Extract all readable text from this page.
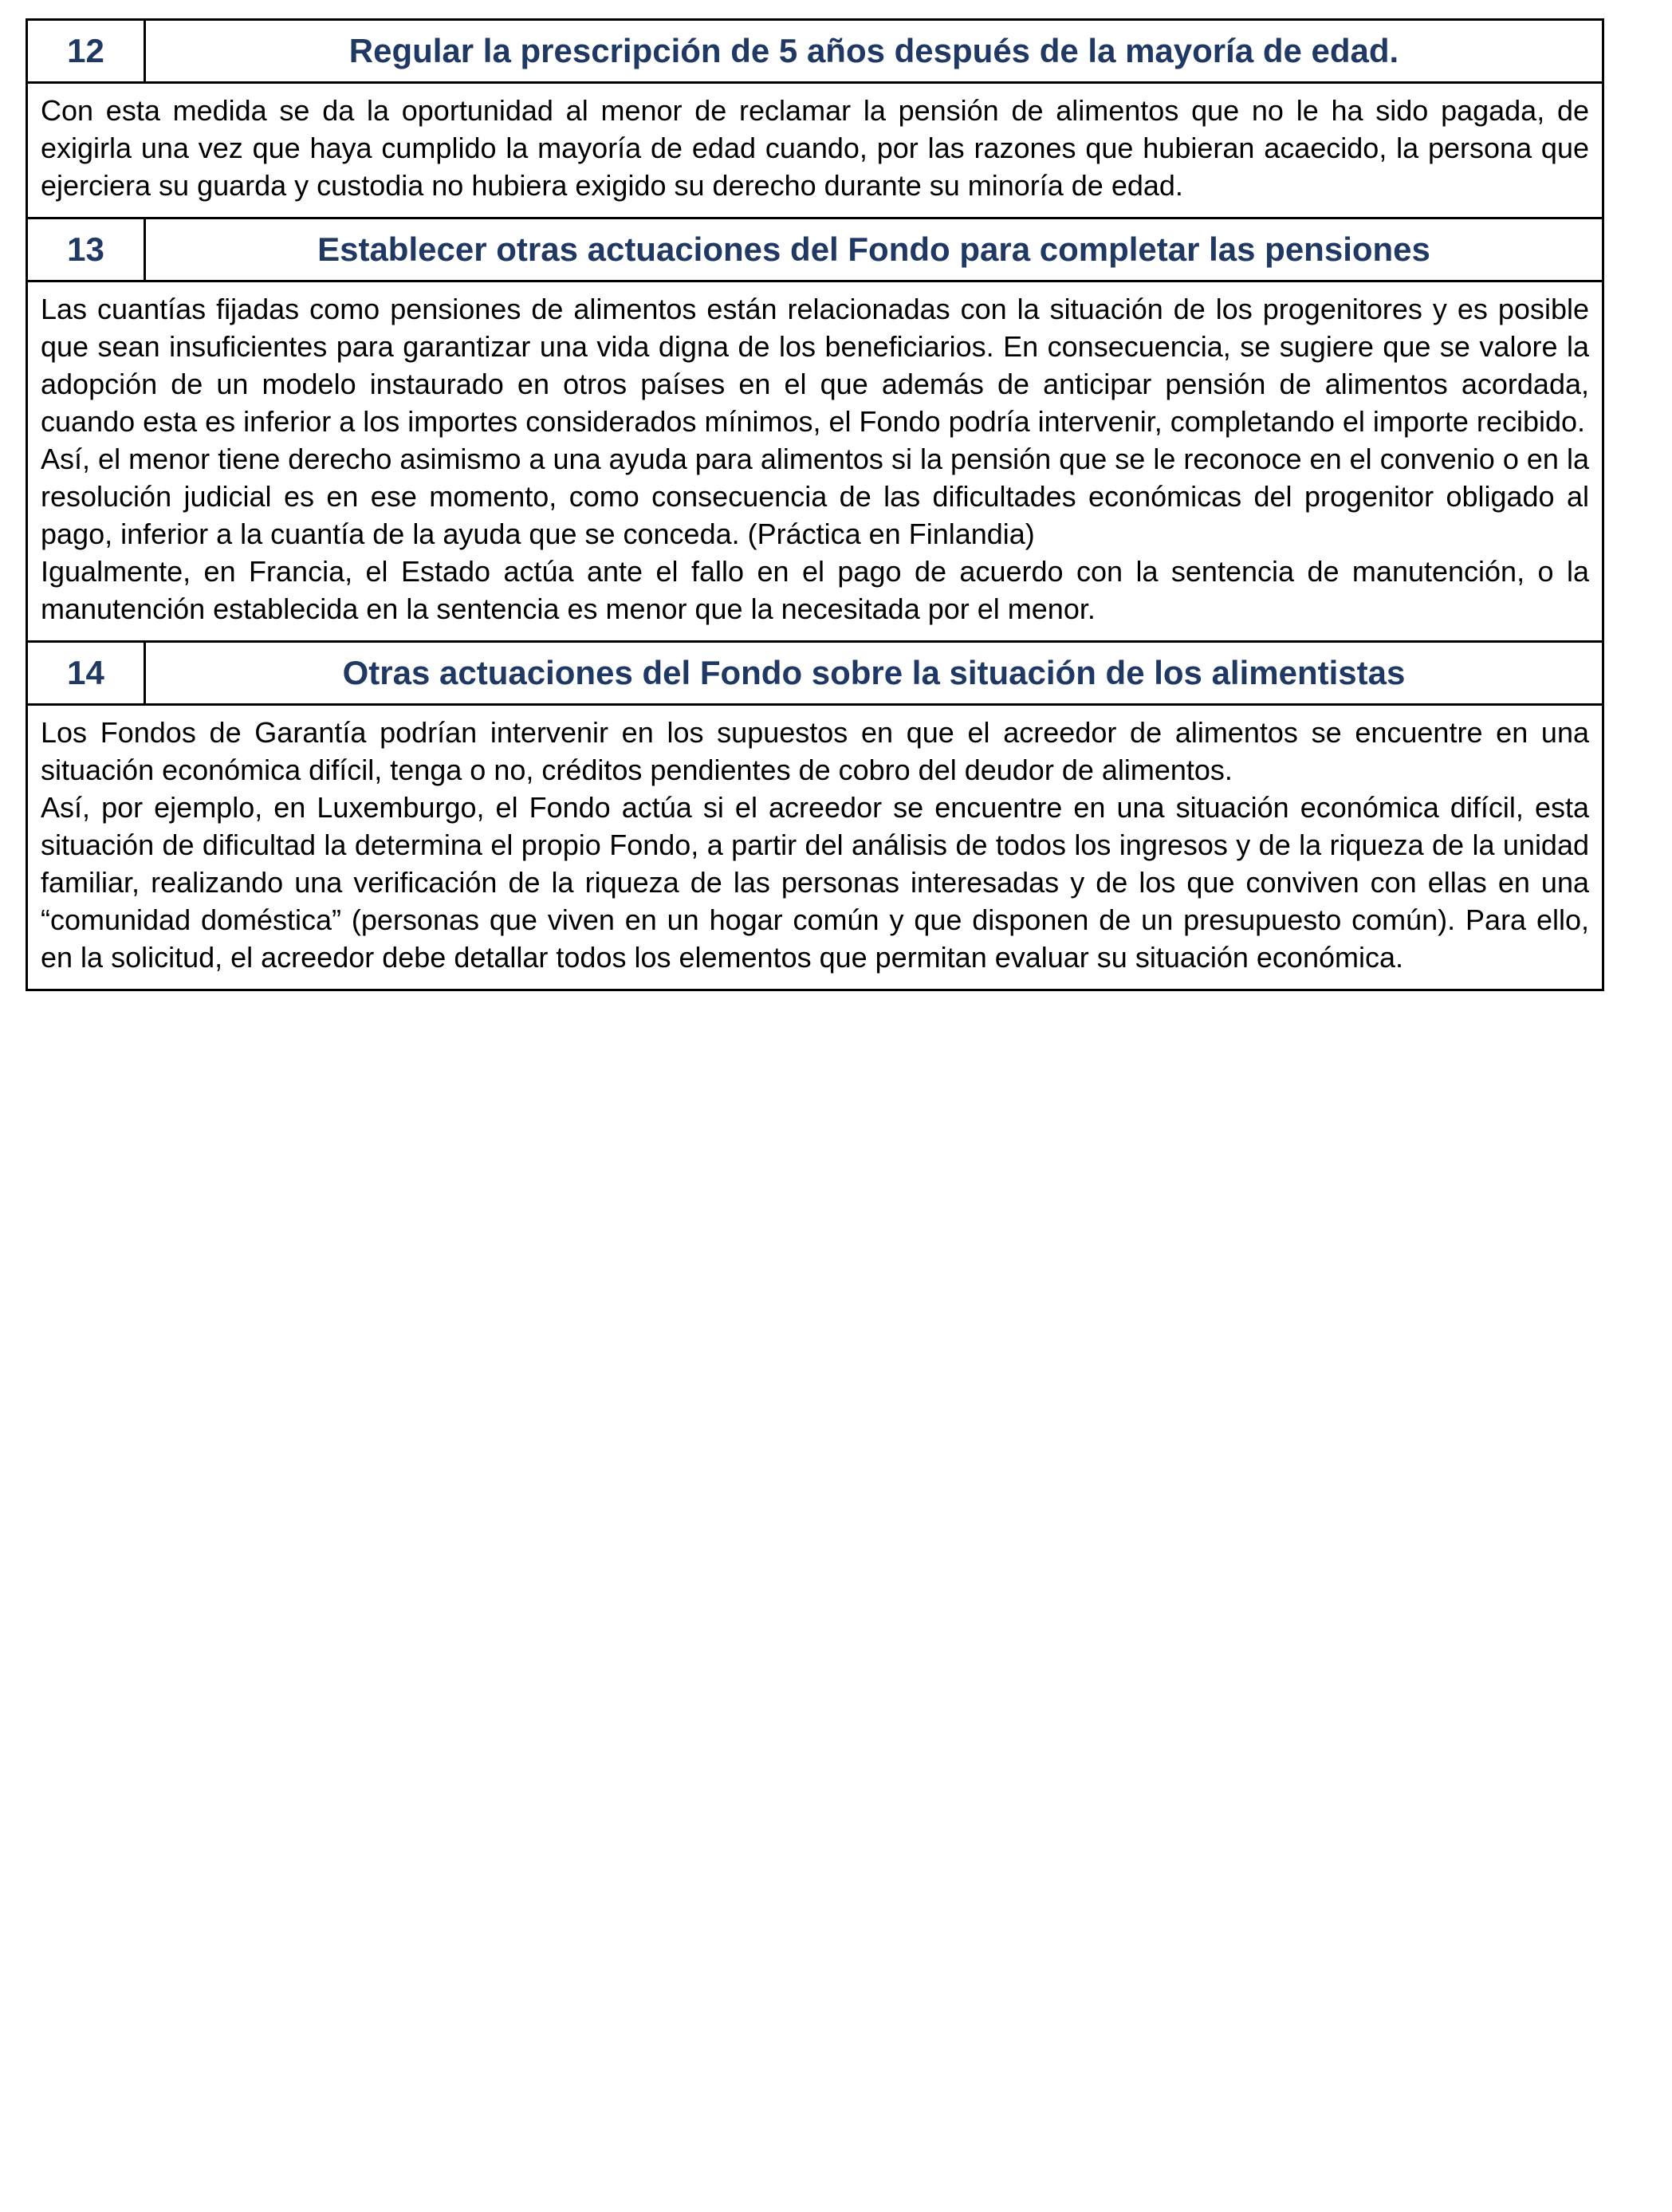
12	Regular la prescripción de 5 años después de la mayoría de edad.

Con esta medida se da la oportunidad al menor de reclamar la pensión de alimentos que no le ha sido pagada, de exigirla una vez que haya cumplido la mayoría de edad cuando, por las razones que hubieran acaecido, la persona que ejerciera su guarda y custodia no hubiera exigido su derecho durante su minoría de edad.	

13	Establecer otras actuaciones del Fondo para completar las pensiones

Las cuantías fijadas como pensiones de alimentos están relacionadas con la situación de los progenitores y es posible que sean insuficientes para garantizar una vida digna de los beneficiarios. En consecuencia, se sugiere que se valore la adopción de un modelo instaurado en otros países en el que además de anticipar pensión de alimentos acordada, cuando esta es inferior a los importes considerados mínimos, el Fondo podría intervenir, completando el importe recibido.

Así, el menor tiene derecho asimismo a una ayuda para alimentos si la pensión que se le reconoce en el convenio o en la resolución judicial es en ese momento, como consecuencia de las dificultades económicas del progenitor obligado al pago, inferior a la cuantía de la ayuda que se conceda. (Práctica en Finlandia)

Igualmente, en Francia, el Estado actúa ante el fallo en el pago de acuerdo con la sentencia de manutención, o la manutención establecida en la sentencia es menor que la necesitada por el menor.	

14	Otras actuaciones del Fondo sobre la situación de los alimentistas

Los Fondos de Garantía podrían intervenir en los supuestos en que el acreedor de alimentos se encuentre en una situación económica difícil, tenga o no, créditos pendientes de cobro del deudor de alimentos.

Así, por ejemplo, en Luxemburgo, el Fondo actúa si el acreedor se encuentre en una situación económica difícil, esta situación de dificultad la determina el propio Fondo, a partir del análisis de todos los ingresos y de la riqueza de la unidad familiar, realizando una verificación de la riqueza de las personas interesadas y de los que conviven con ellas en una “comunidad doméstica” (personas que viven en un hogar común y que disponen de un presupuesto común). Para ello, en la solicitud, el acreedor debe detallar todos los elementos que permitan evaluar su situación económica.	
